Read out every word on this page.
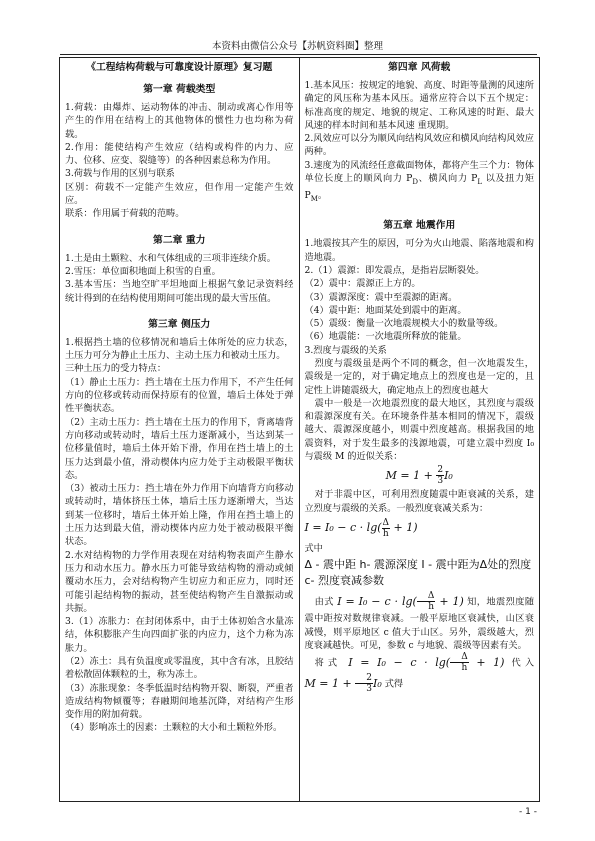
本资料由微信公众号【苏帆资料圈】整理

《工程结构荷载与可靠度设计原理》复习题

第一章 荷载类型

1.荷载：由爆炸、运动物体的冲击、制动或离心作用等产生的作用在结构上的其他物体的惯性力也均称为荷载。

2.作用：能使结构产生效应（结构或构件的内力、应力、位移、应变、裂缝等）的各种因素总称为作用。

3.荷载与作用的区别与联系

区别：荷载不一定能产生效应，但作用一定能产生效应。

联系：作用属于荷载的范畴。

第二章 重力

1.土是由土颗粒、水和气体组成的三项非连续介质。

2.雪压：单位面积地面上积雪的自重。

3.基本雪压：当地空旷平坦地面上根据气象记录资料经统计得到的在结构使用期间可能出现的最大雪压值。

第三章 侧压力

1.根据挡土墙的位移情况和墙后土体所处的应力状态，土压力可分为静止土压力、主动土压力和被动土压力。

三种土压力的受力特点：

（1）静止土压力：挡土墙在土压力作用下，不产生任何方向的位移或转动而保持原有的位置，墙后土体处于弹性平衡状态。

（2）主动土压力：挡土墙在土压力的作用下，背离墙背方向移动或转动时，墙后土压力逐渐减小，当达到某一位移量值时，墙后土体开始下滑，作用在挡土墙上的土压力达到最小值，滑动楔体内应力处于主动极限平衡状态。

（3）被动土压力：挡土墙在外力作用下向墙背方向移动或转动时，墙体挤压土体，墙后土压力逐渐增大，当达到某一位移时，墙后土体开始上隆，作用在挡土墙上的土压力达到最大值，滑动楔体内应力处于被动极限平衡状态。

2.水对结构物的力学作用表现在对结构物表面产生静水压力和动水压力。静水压力可能导致结构物的滑动或倾覆动水压力，会对结构物产生切应力和正应力，同时还可能引起结构物的振动，甚至使结构物产生自激振动或共振。

3.（1）冻胀力：在封闭体系中，由于土体初始含水量冻结，体积膨胀产生向四面扩张的内应力，这个力称为冻胀力。

（2）冻土：具有负温度或零温度，其中含有冰，且胶结着松散固体颗粒的土，称为冻土。

（3）冻胀现象：冬季低温时结构物开裂、断裂，严重者造成结构物倾覆等；春融期间地基沉降，对结构产生形变作用的附加荷载。

（4）影响冻土的因素：土颗粒的大小和土颗粒外形。

第四章 风荷载

1.基本风压：按规定的地貌、高度、时距等量测的风速所确定的风压称为基本风压。通常应符合以下五个规定：标准高度的规定、地貌的规定、工称风速的时距、最大风速的样本时间和基本风速 重现期。

2.风效应可以分为顺风向结构风效应和横风向结构风效应两种。

3.速度为的风流经任意截面物体，都将产生三个力：物体单位长度上的顺风向力 $P_D$、横风向力 $P_L$ 以及扭力矩 $P_M$。

第五章 地震作用

1.地震按其产生的原因，可分为火山地震、陷落地震和构造地震。

2.（1）震源：即发震点，是指岩层断裂处。

（2）震中：震源正上方的。

（3）震源深度：震中至震源的距离。

（4）震中距：地面某处到震中的距离。

（5）震级：衡量一次地震规模大小的数量等级。

（6）地震能：一次地震所释放的能量。

3.烈度与震级的关系

烈度与震级虽是两个不同的概念，但一次地震发生，震级是一定的，对于确定地点上的烈度也是一定的，且定性上讲随震级大，确定地点上的烈度也越大

震中一般是一次地震烈度的最大地区，其烈度与震级和震源深度有关。在环境条件基本相同的情况下，震级越大、震源深度越小，则震中烈度越高。根据我国的地震资料，对于发生最多的浅源地震，可建立震中烈度 I₀ 与震级 M 的近似关系：

$M = 1 + \frac{2}{3} I_0$

对于非震中区，可利用烈度随震中距衰减的关系，建立烈度与震级的关系。一般烈度衰减关系为：

$I = I_0 - c \cdot \lg( \frac{\Delta}{h} + 1)$

式中

Δ - 震中距 h- 震源深度 I - 震中距为Δ处的烈度 c- 烈度衰减参数

由式 $I = I_0 - c \cdot \lg( \frac{\Delta}{h} + 1)$ 知，地震烈度随震中距按对数规律衰减。一般平原地区衰减快，山区衰减慢，则平原地区 c 值大于山区。另外，震级越大，烈度衰减越快。可见，参数 c 与地貌、震级等因素有关。

将式 $I = I_0 - c \cdot \lg( \frac{\Delta}{h} + 1)$ 代入 $M = 1 + \frac{2}{3} I_0$ 式得

- 1 -
